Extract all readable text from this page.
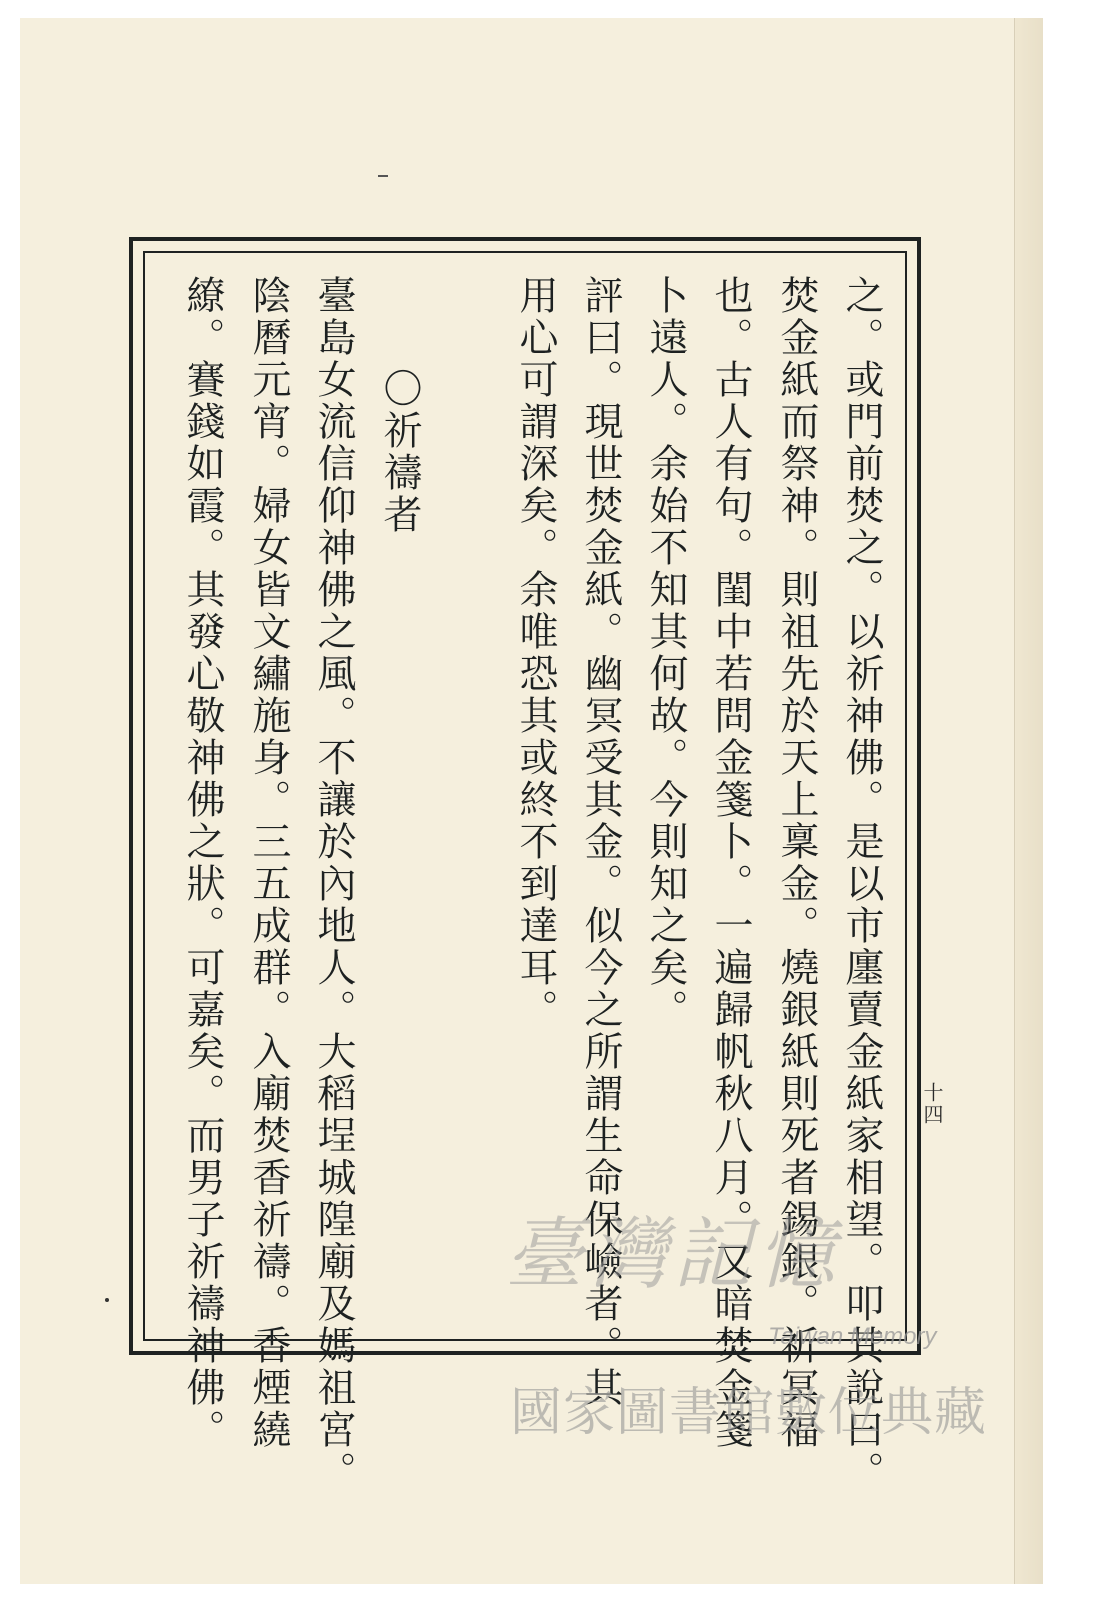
之。或門前焚之。以祈神佛。是以市廛賣金紙家相望。叩其說曰。
焚金紙而祭神。則祖先於天上稟金。燒銀紙則死者錫銀。祈冥福
也。古人有句。閨中若問金箋卜。一遍歸帆秋八月。又暗焚金箋
卜遠人。余始不知其何故。今則知之矣。
評曰。現世焚金紙。幽冥受其金。似今之所謂生命保嶮者。其
用心可謂深矣。余唯恐其或終不到達耳。
〇祈禱者
臺島女流信仰神佛之風。不讓於內地人。大稻埕城隍廟及媽祖宮。
陰曆元宵。婦女皆文繡施身。三五成群。入廟焚香祈禱。香煙繞
繚。賽錢如霞。其發心敬神佛之狀。可嘉矣。而男子祈禱神佛。	十四
臺灣記憶
Taiwan Memory
國家圖書館數位典藏
